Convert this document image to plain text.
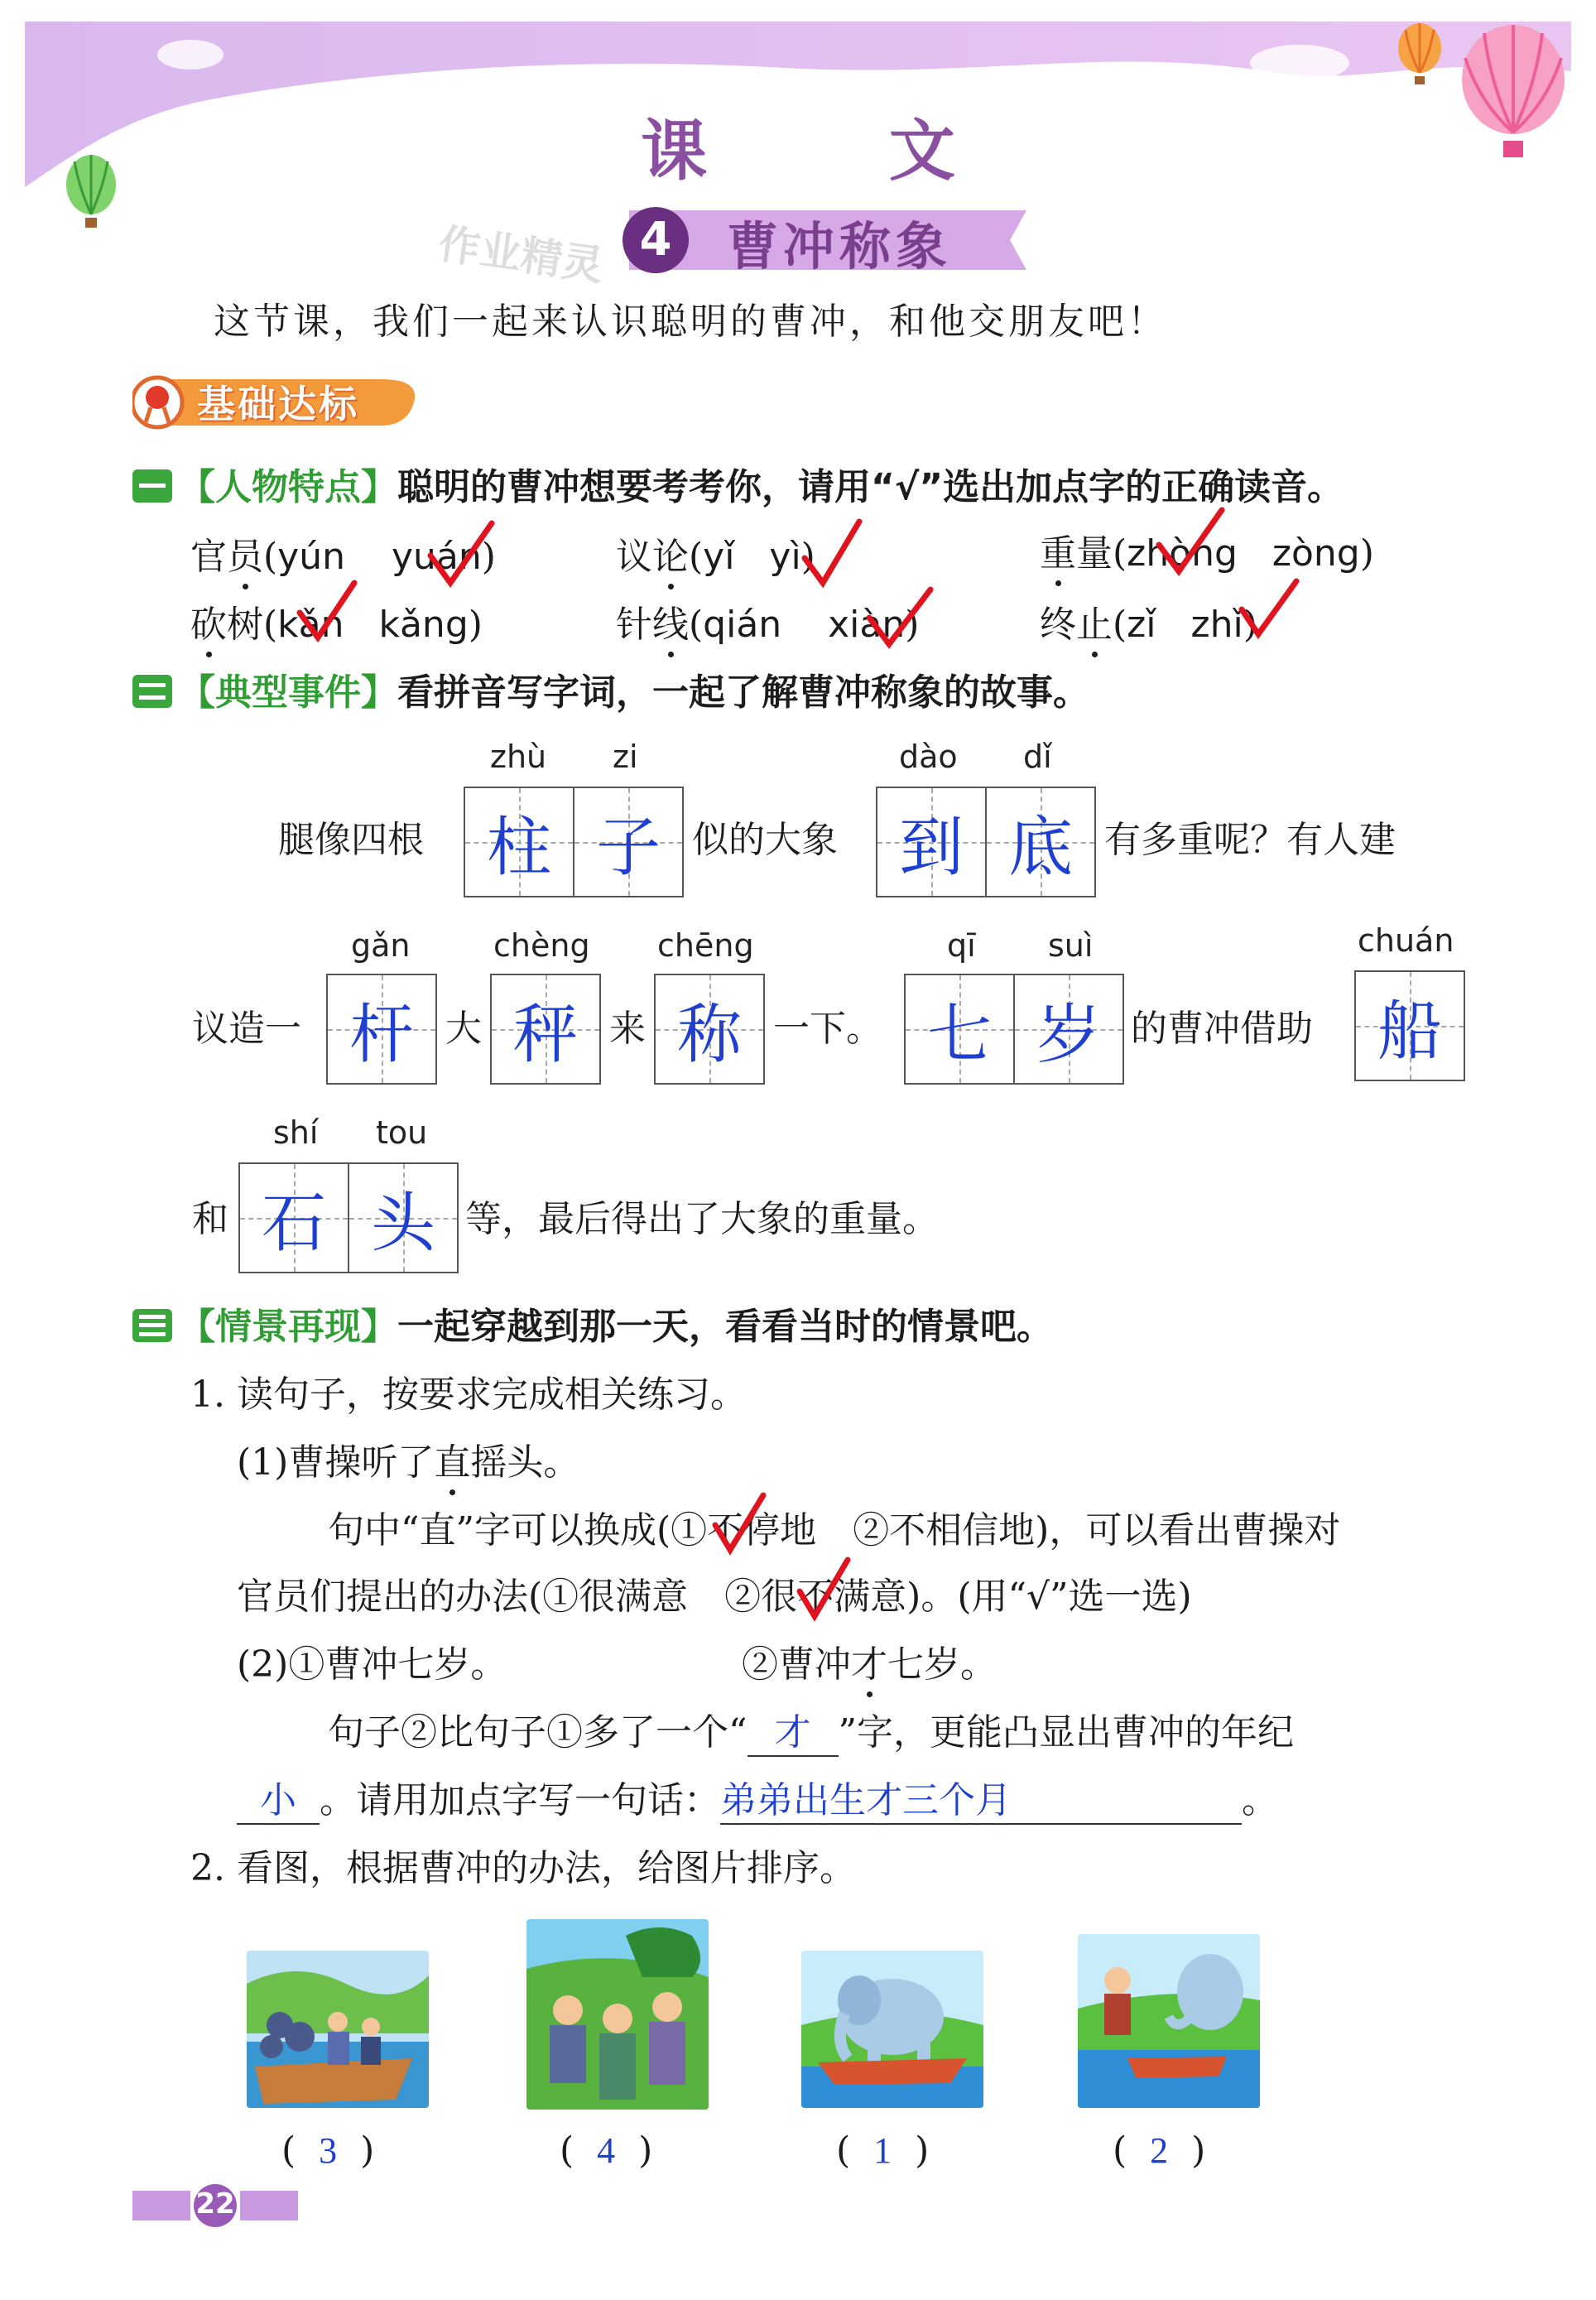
课 文
作业精灵 4	曹冲称象
这节课，我们一起来认识聪明的曹冲，和他交朋友吧！
基础达标
【人物特点】聪明的曹冲想要考考你，请用“√”选出加点字的正确读音。
官员(yún yuán)	议论(yǐ yì)	重量(zhòng zòng)
砍树(kǎn kǎng)	针线(qián xiàn)	终止(zǐ zhǐ)
【典型事件】看拼音写字词，一起了解曹冲称象的故事。
腿像四根
zhù zi
柱 子 似的大象
dào dǐ
到 底 有多重呢？有人建
议造一
gǎn
杆 大
chèng
秤 来
chēng
称 一下。
qī suì
七 岁 的曹冲借助
chuán
船
和
shí tou
石 头 等，最后得出了大象的重量。
【情景再现】一起穿越到那一天，看看当时的情景吧。
1. 读句子，按要求完成相关练习。
(1)曹操听了直摇头。
句中“直”字可以换成(①不停地　②不相信地)，可以看出曹操对
官员们提出的办法(①很满意　②很不满意)。(用“√”选一选)
(2)①曹冲七岁。	②曹冲才七岁。
句子②比句子①多了一个“ 才 ”字，更能凸显出曹冲的年纪
小 。请用加点字写一句话：弟弟出生才三个月	。
2. 看图，根据曹冲的办法，给图片排序。
(  3  )	(  4  )	(  1  )	(  2  )
22
